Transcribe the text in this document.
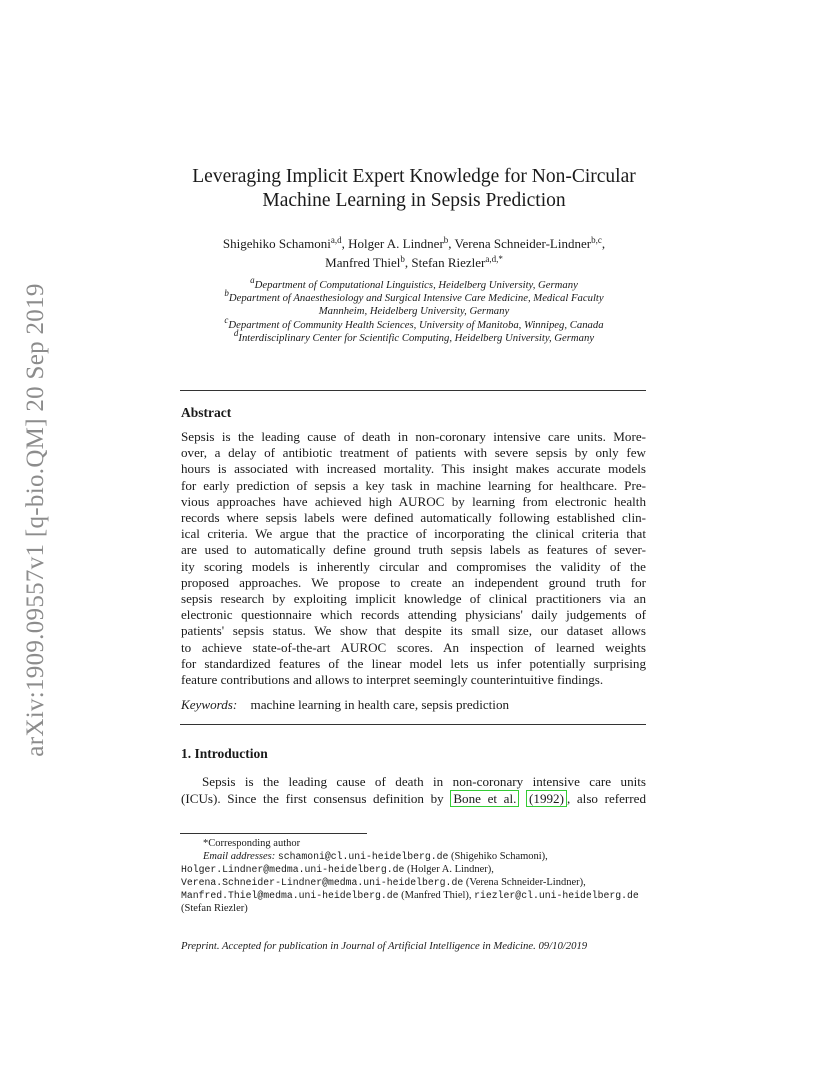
arXiv:1909.09557v1 [q-bio.QM] 20 Sep 2019
Leveraging Implicit Expert Knowledge for Non-Circular
Machine Learning in Sepsis Prediction
Shigehiko Schamoni$^{a,d}$, Holger A. Lindner$^b$, Verena Schneider-Lindner$^{b,c}$,
Manfred Thiel$^b$, Stefan Riezler$^{a,d,*}$
$^a$Department of Computational Linguistics, Heidelberg University, Germany
$^b$Department of Anaesthesiology and Surgical Intensive Care Medicine, Medical Faculty
Mannheim, Heidelberg University, Germany
$^c$Department of Community Health Sciences, University of Manitoba, Winnipeg, Canada
$^d$Interdisciplinary Center for Scientific Computing, Heidelberg University, Germany
Abstract
Sepsis is the leading cause of death in non-coronary intensive care units. More-
over, a delay of antibiotic treatment of patients with severe sepsis by only few
hours is associated with increased mortality. This insight makes accurate models
for early prediction of sepsis a key task in machine learning for healthcare. Pre-
vious approaches have achieved high AUROC by learning from electronic health
records where sepsis labels were defined automatically following established clin-
ical criteria. We argue that the practice of incorporating the clinical criteria that
are used to automatically define ground truth sepsis labels as features of sever-
ity scoring models is inherently circular and compromises the validity of the
proposed approaches. We propose to create an independent ground truth for
sepsis research by exploiting implicit knowledge of clinical practitioners via an
electronic questionnaire which records attending physicians' daily judgements of
patients' sepsis status. We show that despite its small size, our dataset allows
to achieve state-of-the-art AUROC scores. An inspection of learned weights
for standardized features of the linear model lets us infer potentially surprising
feature contributions and allows to interpret seemingly counterintuitive findings.
Keywords: machine learning in health care, sepsis prediction
1. Introduction
Sepsis is the leading cause of death in non-coronary intensive care units
(ICUs). Since the first consensus definition by Bone et al. (1992) , also referred
*Corresponding author
Email addresses: schamoni@cl.uni-heidelberg.de (Shigehiko Schamoni),
Holger.Lindner@medma.uni-heidelberg.de (Holger A. Lindner),
Verena.Schneider-Lindner@medma.uni-heidelberg.de (Verena Schneider-Lindner),
Manfred.Thiel@medma.uni-heidelberg.de (Manfred Thiel), riezler@cl.uni-heidelberg.de
(Stefan Riezler)
Preprint. Accepted for publication in Journal of Artificial Intelligence in Medicine. 09/10/2019
